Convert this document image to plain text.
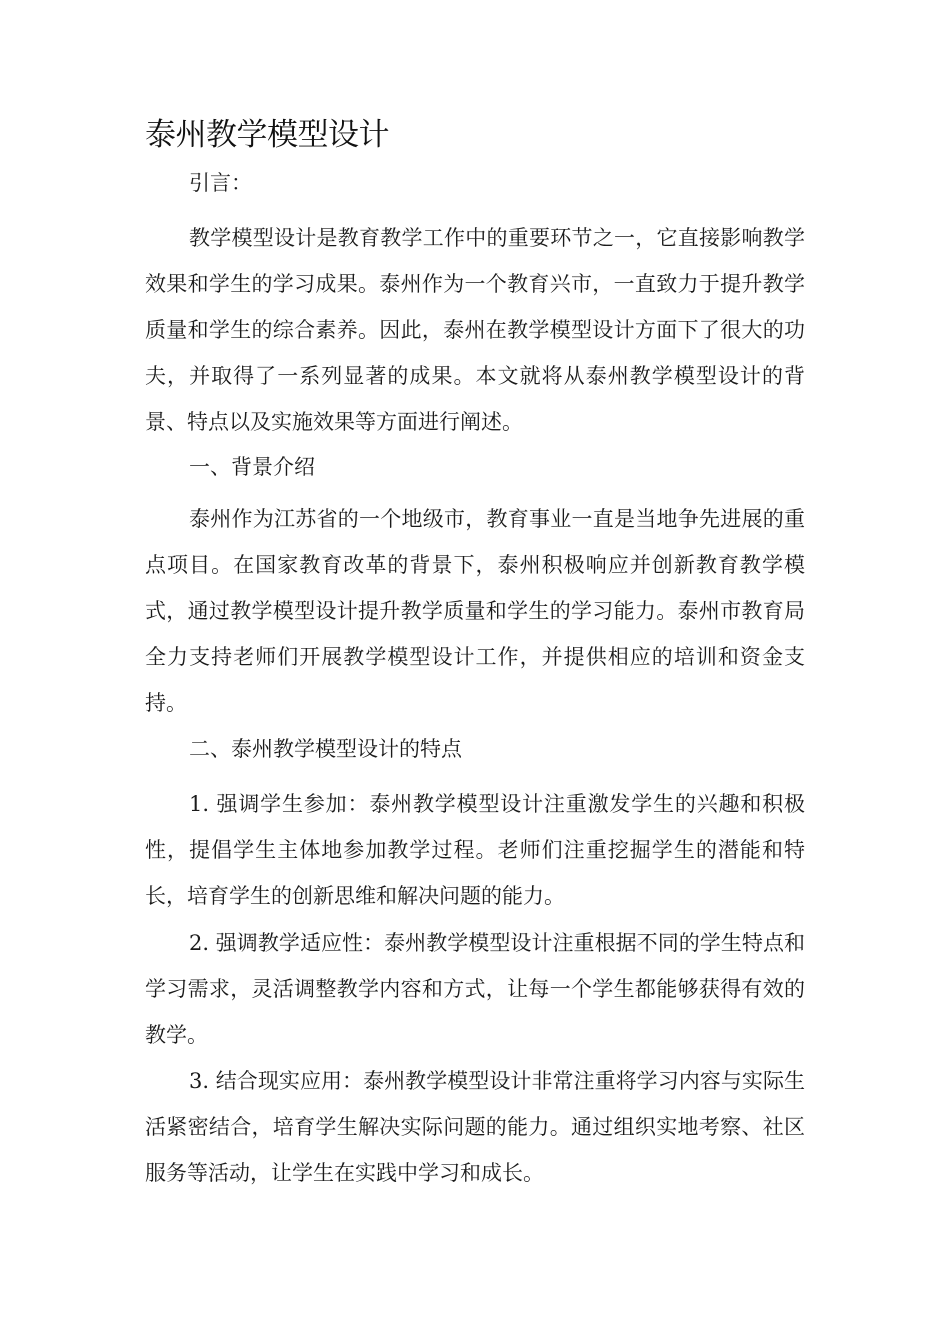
泰州教学模型设计

引言：

教学模型设计是教育教学工作中的重要环节之一，它直接影响教学效果和学生的学习成果。泰州作为一个教育兴市，一直致力于提升教学质量和学生的综合素养。因此，泰州在教学模型设计方面下了很大的功夫，并取得了一系列显著的成果。本文就将从泰州教学模型设计的背景、特点以及实施效果等方面进行阐述。

一、背景介绍

泰州作为江苏省的一个地级市，教育事业一直是当地争先进展的重点项目。在国家教育改革的背景下，泰州积极响应并创新教育教学模式，通过教学模型设计提升教学质量和学生的学习能力。泰州市教育局全力支持老师们开展教学模型设计工作，并提供相应的培训和资金支持。

二、泰州教学模型设计的特点

1. 强调学生参加：泰州教学模型设计注重激发学生的兴趣和积极性，提倡学生主体地参加教学过程。老师们注重挖掘学生的潜能和特长，培育学生的创新思维和解决问题的能力。

2. 强调教学适应性：泰州教学模型设计注重根据不同的学生特点和学习需求，灵活调整教学内容和方式，让每一个学生都能够获得有效的教学。

3. 结合现实应用：泰州教学模型设计非常注重将学习内容与实际生活紧密结合，培育学生解决实际问题的能力。通过组织实地考察、社区服务等活动，让学生在实践中学习和成长。
